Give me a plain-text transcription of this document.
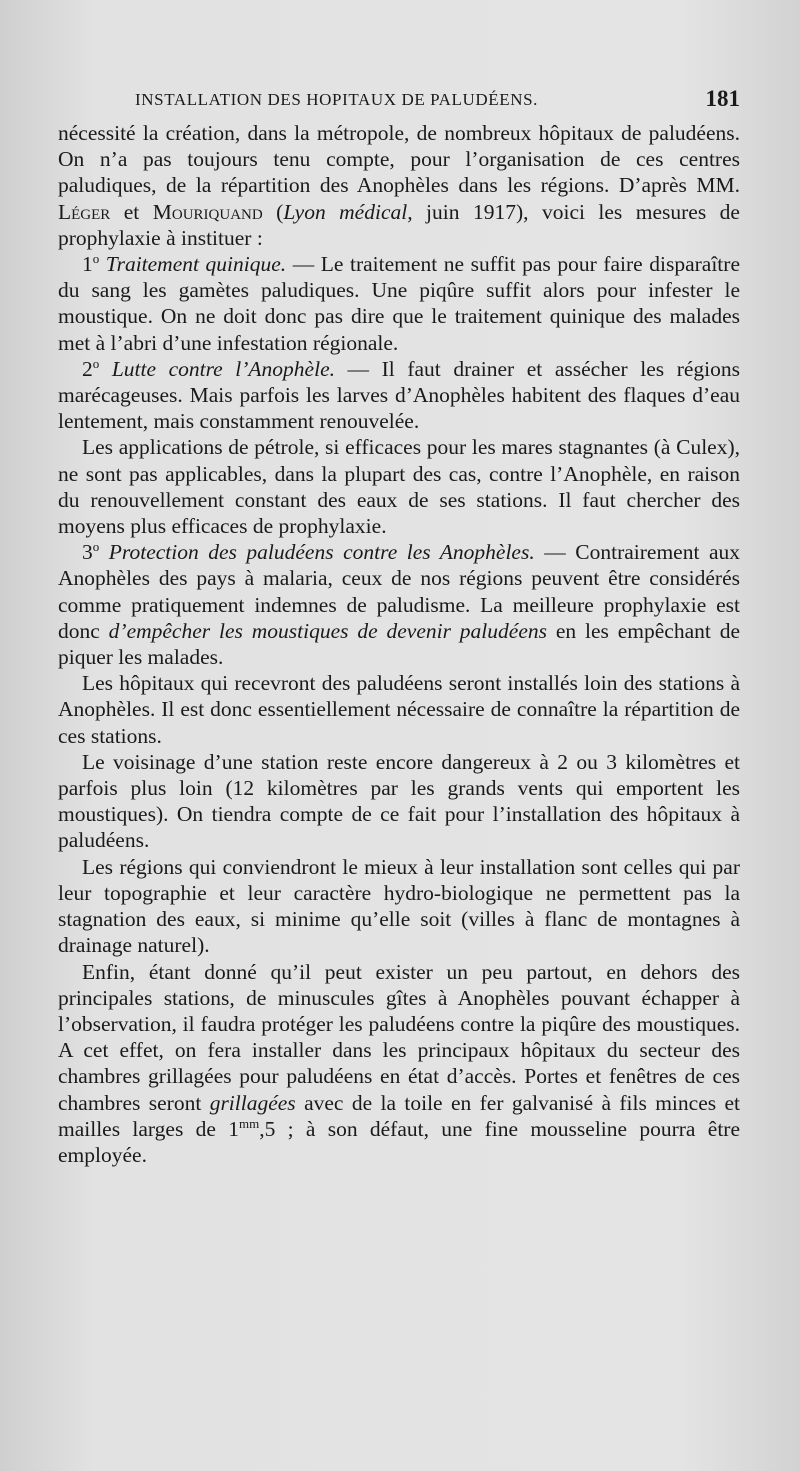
INSTALLATION DES HOPITAUX DE PALUDÉENS.	181

nécessité la création, dans la métropole, de nombreux hôpitaux de paludéens. On n’a pas toujours tenu compte, pour l’organisation de ces centres paludiques, de la répartition des Anophèles dans les régions. D’après MM. Léger et Mouriquand (Lyon médical, juin 1917), voici les mesures de prophylaxie à instituer :

1$^o$ Traitement quinique. — Le traitement ne suffit pas pour faire disparaître du sang les gamètes paludiques. Une piqûre suffit alors pour infester le moustique. On ne doit donc pas dire que le traitement quinique des malades met à l’abri d’une infestation régionale.

2$^o$ Lutte contre l’Anophèle. — Il faut drainer et assécher les régions marécageuses. Mais parfois les larves d’Anophèles habitent des flaques d’eau lentement, mais constamment renouvelée.

Les applications de pétrole, si efficaces pour les mares stagnantes (à Culex), ne sont pas applicables, dans la plupart des cas, contre l’Anophèle, en raison du renouvellement constant des eaux de ses stations. Il faut chercher des moyens plus efficaces de prophylaxie.

3$^o$ Protection des paludéens contre les Anophèles. — Contrairement aux Anophèles des pays à malaria, ceux de nos régions peuvent être considérés comme pratiquement indemnes de paludisme. La meilleure prophylaxie est donc d’empêcher les moustiques de devenir paludéens en les empêchant de piquer les malades.

Les hôpitaux qui recevront des paludéens seront installés loin des stations à Anophèles. Il est donc essentiellement nécessaire de connaître la répartition de ces stations.

Le voisinage d’une station reste encore dangereux à 2 ou 3 kilomètres et parfois plus loin (12 kilomètres par les grands vents qui emportent les moustiques). On tiendra compte de ce fait pour l’installation des hôpitaux à paludéens.

Les régions qui conviendront le mieux à leur installation sont celles qui par leur topographie et leur caractère hydro-biologique ne permettent pas la stagnation des eaux, si minime qu’elle soit (villes à flanc de montagnes à drainage naturel).

Enfin, étant donné qu’il peut exister un peu partout, en dehors des principales stations, de minuscules gîtes à Anophèles pouvant échapper à l’observation, il faudra protéger les paludéens contre la piqûre des moustiques. A cet effet, on fera installer dans les principaux hôpitaux du secteur des chambres grillagées pour paludéens en état d’accès. Portes et fenêtres de ces chambres seront grillagées avec de la toile en fer galvanisé à fils minces et mailles larges de $1^{mm},5$ ; à son défaut, une fine mousseline pourra être employée.
